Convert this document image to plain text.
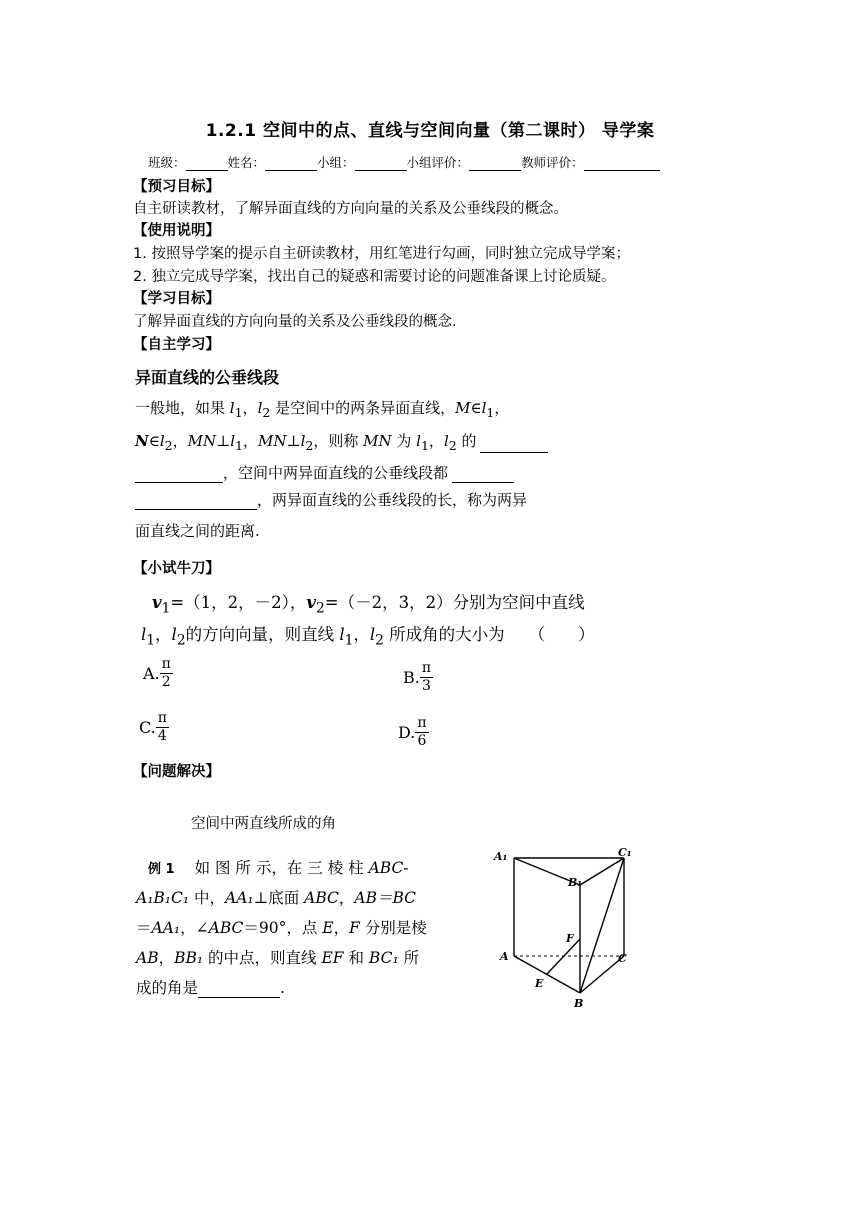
1.2.1 空间中的点、直线与空间向量（第二课时） 导学案
班级：	姓名：	小组：	小组评价：	教师评价：
【预习目标】
自主研读教材，了解异面直线的方向向量的关系及公垂线段的概念。
【使用说明】
1. 按照导学案的提示自主研读教材，用红笔进行勾画，同时独立完成导学案；
2. 独立完成导学案，找出自己的疑惑和需要讨论的问题准备课上讨论质疑。
【学习目标】
了解异面直线的方向向量的关系及公垂线段的概念.
【自主学习】
异面直线的公垂线段
一般地，如果 $l_1$，$l_2$ 是空间中的两条异面直线，$M\in l_1$，
$N\in l_2$，$MN\perp l_1$，$MN\perp l_2$，则称 MN 为 $l_1$，$l_2$ 的
，空间中两异面直线的公垂线段都
，两异面直线的公垂线段的长，称为两异
面直线之间的距离.
【小试牛刀】
$v_1=(1$，2，－2），$v_2=(-2$，3，2）分别为空间中直线
$l_1$，$l_2$的方向向量，则直线 $l_1$，$l_2$ 所成角的大小为 （　　）
A. $\frac{\pi}{2}$	B. $\frac{\pi}{3}$
C. $\frac{\pi}{4}$	D. $\frac{\pi}{6}$
【问题解决】
空间中两直线所成的角
例 1 如 图 所 示，在 三 棱 柱 ABC-
A₁B₁C₁ 中，AA₁⊥底面 ABC，AB＝BC
＝AA₁，∠ABC＝90°，点 E，F 分别是棱
AB，BB₁ 的中点，则直线 EF 和 BC₁ 所
成的角是	.
A₁	C₁
B₁
F
A	C
E
B
